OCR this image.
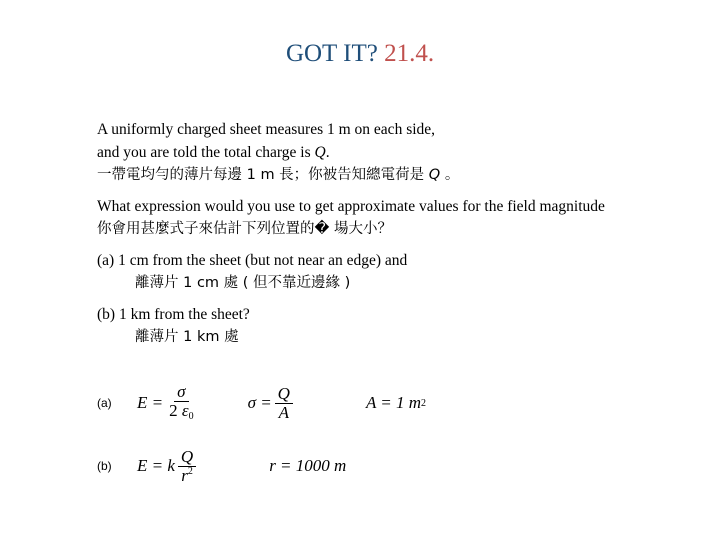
GOT IT? 21.4.
A uniformly charged sheet measures 1 m on each side,
and you are told the total charge is Q.
一帶電均勻的薄片每邊 1 m 長；你被告知總電荷是 Q 。
What expression would you use to get approximate values for the field magnitude
你會用甚麼式子來估計下列位置的� 場大小？
(a) 1 cm from the sheet (but not near an edge) and
離薄片 1 cm 處 ( 但不靠近邊緣 )
(b) 1 km from the sheet?
離薄片 1 km 處
(a)	$E = \frac{\sigma}{2 \varepsilon_0}$	$\sigma = \frac{Q}{A}$	A = 1 m 2
(b)	E = k $\frac{Q}{r^2}$	r = 1000 m
